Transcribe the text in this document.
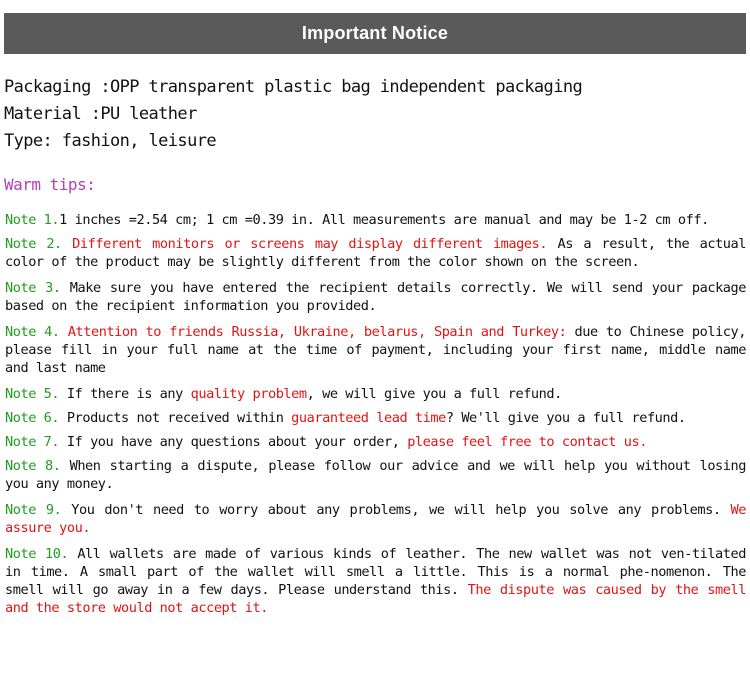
Important Notice
Packaging :OPP transparent plastic bag independent packaging
Material :PU leather
Type: fashion, leisure
Warm tips:
Note 1.1 inches =2.54 cm; 1 cm =0.39 in. All measurements are manual and may be 1-2 cm off.
Note 2. Different monitors or screens may display different images. As a result, the actual color of the product may be slightly different from the color shown on the screen.
Note 3. Make sure you have entered the recipient details correctly. We will send your package based on the recipient information you provided.
Note 4. Attention to friends Russia, Ukraine, belarus, Spain and Turkey: due to Chinese policy, please fill in your full name at the time of payment, including your first name, middle name and last name
Note 5. If there is any quality problem, we will give you a full refund.
Note 6. Products not received within guaranteed lead time? We'll give you a full refund.
Note 7. If you have any questions about your order, please feel free to contact us.
Note 8. When starting a dispute, please follow our advice and we will help you without losing you any money.
Note 9. You don't need to worry about any problems, we will help you solve any problems. We assure you.
Note 10. All wallets are made of various kinds of leather. The new wallet was not ven-tilated in time. A small part of the wallet will smell a little. This is a normal phe-nomenon. The smell will go away in a few days. Please understand this. The dispute was caused by the smell and the store would not accept it.
